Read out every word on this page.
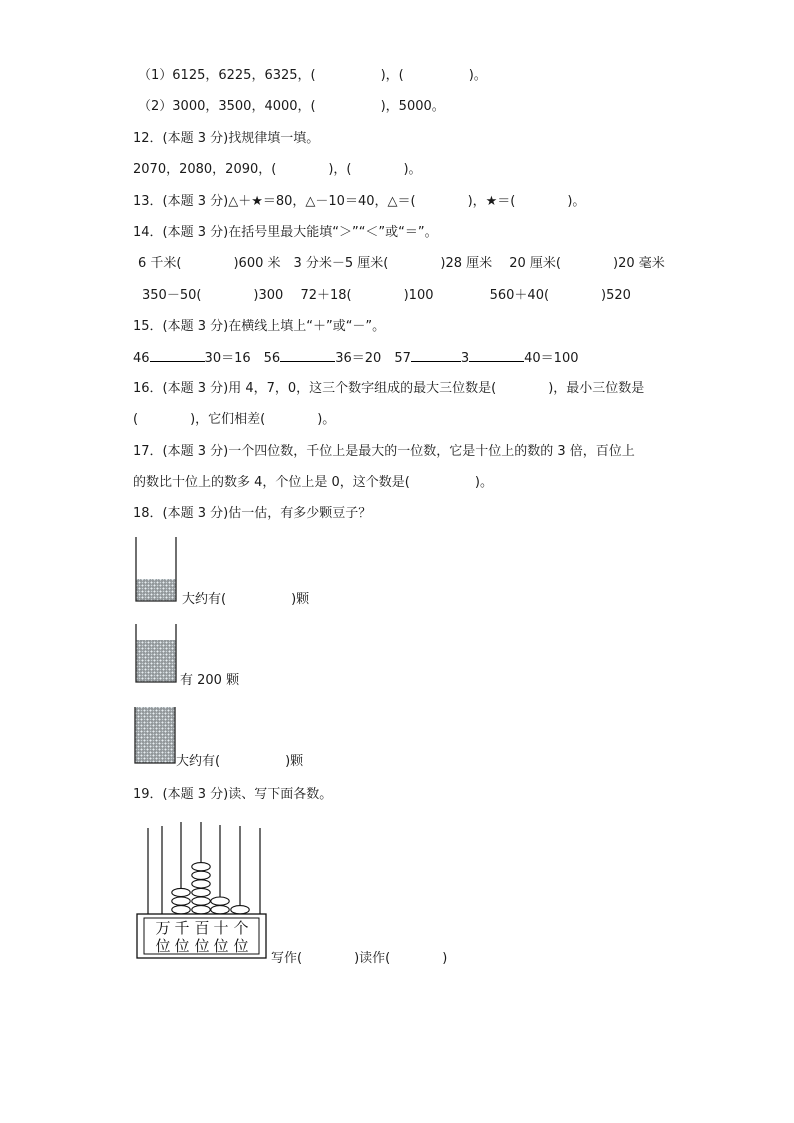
（1）6125，6225，6325，(　　　　　)，(　　　　　)。
（2）3000，3500，4000，(　　　　　)，5000。
12．(本题 3 分)找规律填一填。
2070，2080，2090，(　　　　)，(　　　　)。
13．(本题 3 分)△＋★＝80，△－10＝40，△＝(　　　　)，★＝(　　　　)。
14．(本题 3 分)在括号里最大能填“＞”“＜”或“＝”。
6 千米(　　　　)600 米　3 分米－5 厘米(　　　　)28 厘米　 20 厘米(　　　　)20 毫米
350－50(　　　　)300　 72＋18(　　　　)100　　　　 560＋40(　　　　)520
15．(本题 3 分)在横线上填上“＋”或“－”。
46	30＝16　 56	36＝20　 57	3	40＝100
16．(本题 3 分)用 4，7，0，这三个数字组成的最大三位数是(　　　　)，最小三位数是
(　　　　)，它们相差(　　　　)。
17．(本题 3 分)一个四位数，千位上是最大的一位数，它是十位上的数的 3 倍，百位上
的数比十位上的数多 4，个位上是 0，这个数是(　　　　　)。
18．(本题 3 分)估一估，有多少颗豆子？
大约有(　　　　　)颗
有 200 颗
大约有(　　　　　)颗
19．(本题 3 分)读、写下面各数。
万 千 百 十 个
位 位 位 位 位
写作(　　　　)读作(　　　　)
